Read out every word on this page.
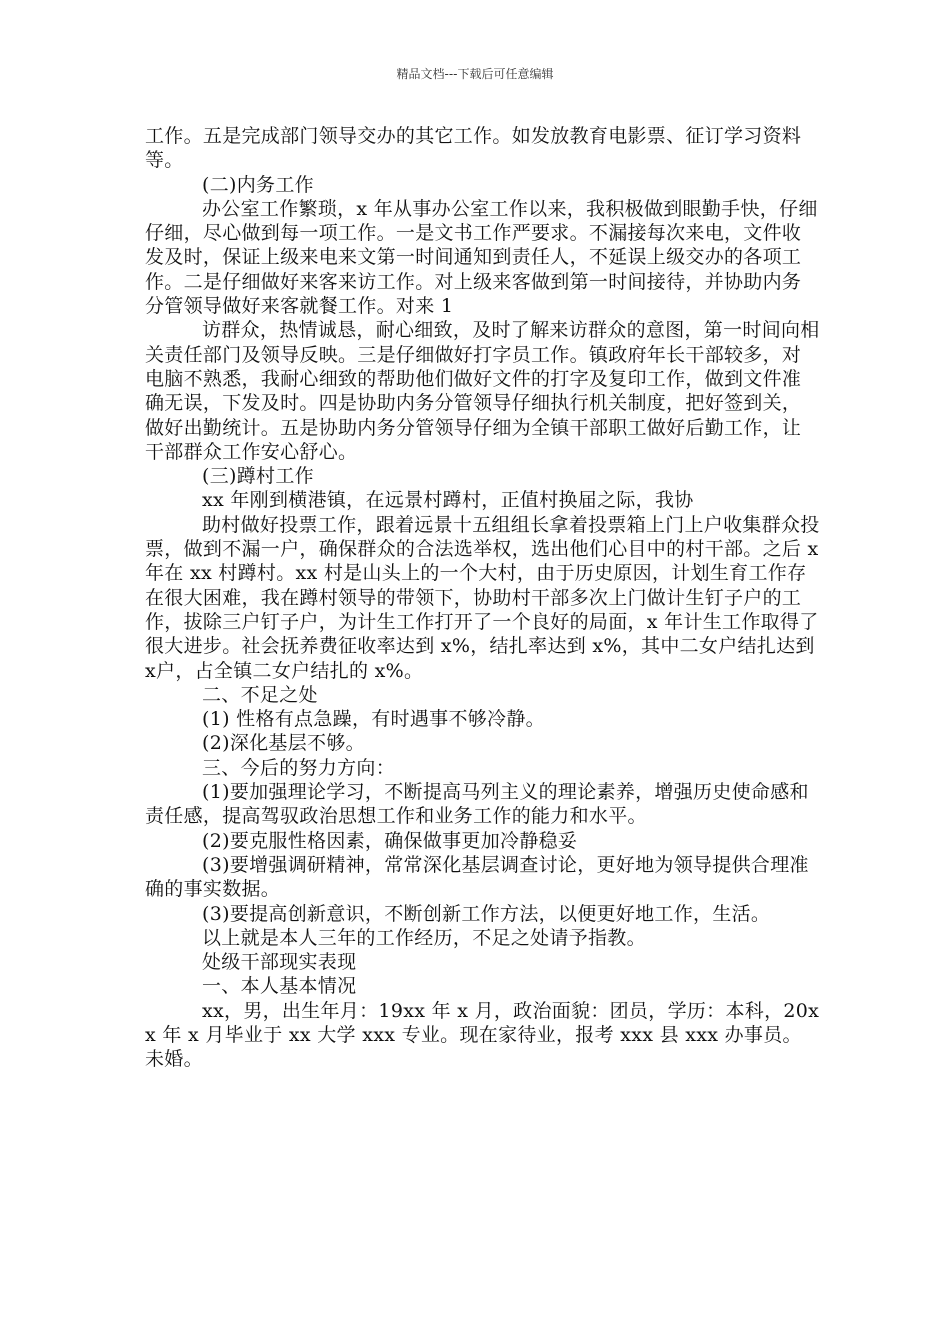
精品文档---下载后可任意编辑

工作。五是完成部门领导交办的其它工作。如发放教育电影票、征订学习资料等。

(二)内务工作

办公室工作繁琐，x 年从事办公室工作以来，我积极做到眼勤手快，仔细仔细，尽心做到每一项工作。一是文书工作严要求。不漏接每次来电，文件收发及时，保证上级来电来文第一时间通知到责任人，不延误上级交办的各项工作。二是仔细做好来客来访工作。对上级来客做到第一时间接待，并协助内务分管领导做好来客就餐工作。对来 1

访群众，热情诚恳，耐心细致，及时了解来访群众的意图，第一时间向相关责任部门及领导反映。三是仔细做好打字员工作。镇政府年长干部较多，对电脑不熟悉，我耐心细致的帮助他们做好文件的打字及复印工作，做到文件准确无误，下发及时。四是协助内务分管领导仔细执行机关制度，把好签到关，做好出勤统计。五是协助内务分管领导仔细为全镇干部职工做好后勤工作，让干部群众工作安心舒心。

(三)蹲村工作

xx 年刚到横港镇，在远景村蹲村，正值村换届之际，我协

助村做好投票工作，跟着远景十五组组长拿着投票箱上门上户收集群众投票，做到不漏一户，确保群众的合法选举权，选出他们心目中的村干部。之后 x 年在 xx 村蹲村。xx 村是山头上的一个大村，由于历史原因，计划生育工作存在很大困难，我在蹲村领导的带领下，协助村干部多次上门做计生钉子户的工作，拔除三户钉子户，为计生工作打开了一个良好的局面，x 年计生工作取得了很大进步。社会抚养费征收率达到 x%，结扎率达到 x%，其中二女户结扎达到 x户，占全镇二女户结扎的 x%。

二、不足之处

(1) 性格有点急躁，有时遇事不够冷静。

(2)深化基层不够。

三、今后的努力方向：

(1)要加强理论学习，不断提高马列主义的理论素养，增强历史使命感和责任感，提高驾驭政治思想工作和业务工作的能力和水平。

(2)要克服性格因素，确保做事更加冷静稳妥

(3)要增强调研精神，常常深化基层调查讨论，更好地为领导提供合理准确的事实数据。

(3)要提高创新意识，不断创新工作方法，以便更好地工作，生活。

以上就是本人三年的工作经历，不足之处请予指教。

处级干部现实表现

一、本人基本情况

xx，男，出生年月：19xx 年 x 月，政治面貌：团员，学历：本科，20xx 年 x 月毕业于 xx 大学 xxx 专业。现在家待业，报考 xxx 县 xxx 办事员。未婚。
